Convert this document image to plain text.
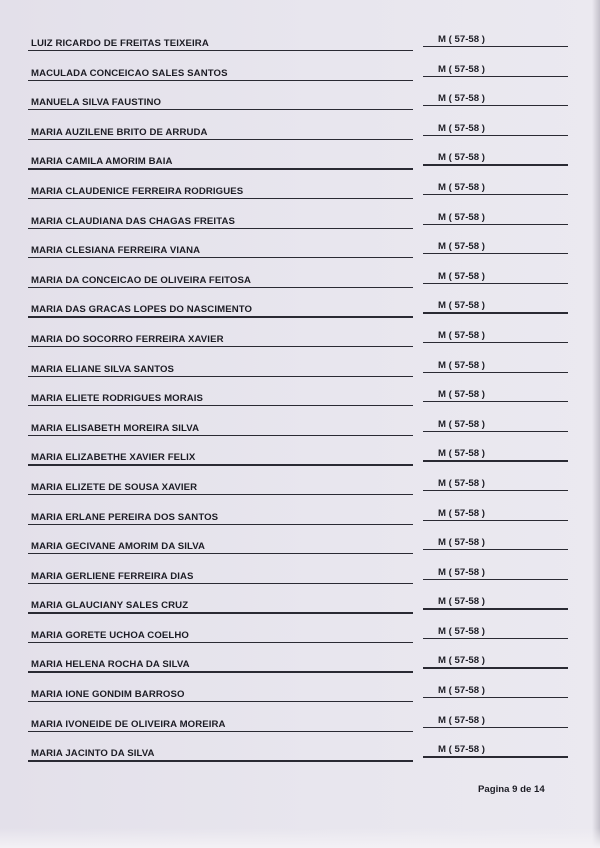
LUIZ RICARDO DE FREITAS TEIXEIRA	M ( 57-58 )
MACULADA CONCEICAO SALES SANTOS	M ( 57-58 )
MANUELA SILVA FAUSTINO	M ( 57-58 )
MARIA AUZILENE BRITO DE ARRUDA	M ( 57-58 )
MARIA CAMILA AMORIM BAIA	M ( 57-58 )
MARIA CLAUDENICE FERREIRA RODRIGUES	M ( 57-58 )
MARIA CLAUDIANA DAS CHAGAS FREITAS	M ( 57-58 )
MARIA CLESIANA FERREIRA VIANA	M ( 57-58 )
MARIA DA CONCEICAO DE OLIVEIRA FEITOSA	M ( 57-58 )
MARIA DAS GRACAS LOPES DO NASCIMENTO	M ( 57-58 )
MARIA DO SOCORRO FERREIRA XAVIER	M ( 57-58 )
MARIA ELIANE SILVA SANTOS	M ( 57-58 )
MARIA ELIETE RODRIGUES MORAIS	M ( 57-58 )
MARIA ELISABETH MOREIRA SILVA	M ( 57-58 )
MARIA ELIZABETHE XAVIER FELIX	M ( 57-58 )
MARIA ELIZETE DE SOUSA XAVIER	M ( 57-58 )
MARIA ERLANE PEREIRA DOS SANTOS	M ( 57-58 )
MARIA GECIVANE AMORIM DA SILVA	M ( 57-58 )
MARIA GERLIENE FERREIRA DIAS	M ( 57-58 )
MARIA GLAUCIANY SALES CRUZ	M ( 57-58 )
MARIA GORETE UCHOA COELHO	M ( 57-58 )
MARIA HELENA ROCHA DA SILVA	M ( 57-58 )
MARIA IONE GONDIM BARROSO	M ( 57-58 )
MARIA IVONEIDE DE OLIVEIRA MOREIRA	M ( 57-58 )
MARIA JACINTO DA SILVA	M ( 57-58 )
Pagina 9 de 14
